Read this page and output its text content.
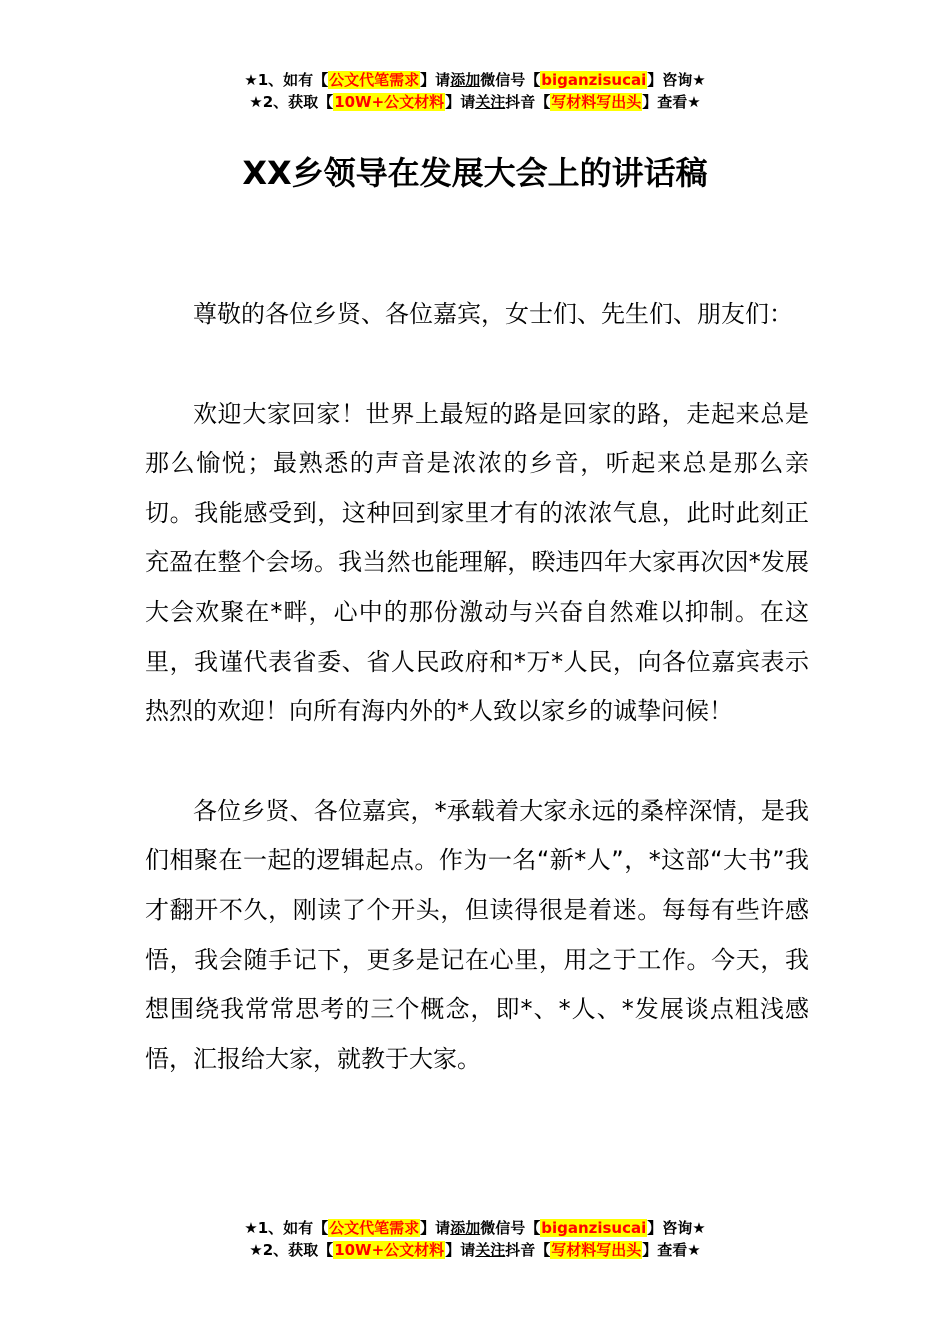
★1、如有【公文代笔需求】请添加微信号【biganzisucai】咨询★
★2、获取【10W+公文材料】请关注抖音【写材料写出头】查看★
XX乡领导在发展大会上的讲话稿

尊敬的各位乡贤、各位嘉宾，女士们、先生们、朋友们：

欢迎大家回家！世界上最短的路是回家的路，走起来总是那么愉悦；最熟悉的声音是浓浓的乡音，听起来总是那么亲切。我能感受到，这种回到家里才有的浓浓气息，此时此刻正充盈在整个会场。我当然也能理解，睽违四年大家再次因*发展大会欢聚在*畔，心中的那份激动与兴奋自然难以抑制。在这里，我谨代表省委、省人民政府和*万*人民，向各位嘉宾表示热烈的欢迎！向所有海内外的*人致以家乡的诚挚问候！

各位乡贤、各位嘉宾，*承载着大家永远的桑梓深情，是我们相聚在一起的逻辑起点。作为一名“新*人”，*这部“大书”我才翻开不久，刚读了个开头，但读得很是着迷。每每有些许感悟，我会随手记下，更多是记在心里，用之于工作。今天，我想围绕我常常思考的三个概念，即*、*人、*发展谈点粗浅感悟，汇报给大家，就教于大家。

★1、如有【公文代笔需求】请添加微信号【biganzisucai】咨询★
★2、获取【10W+公文材料】请关注抖音【写材料写出头】查看★
